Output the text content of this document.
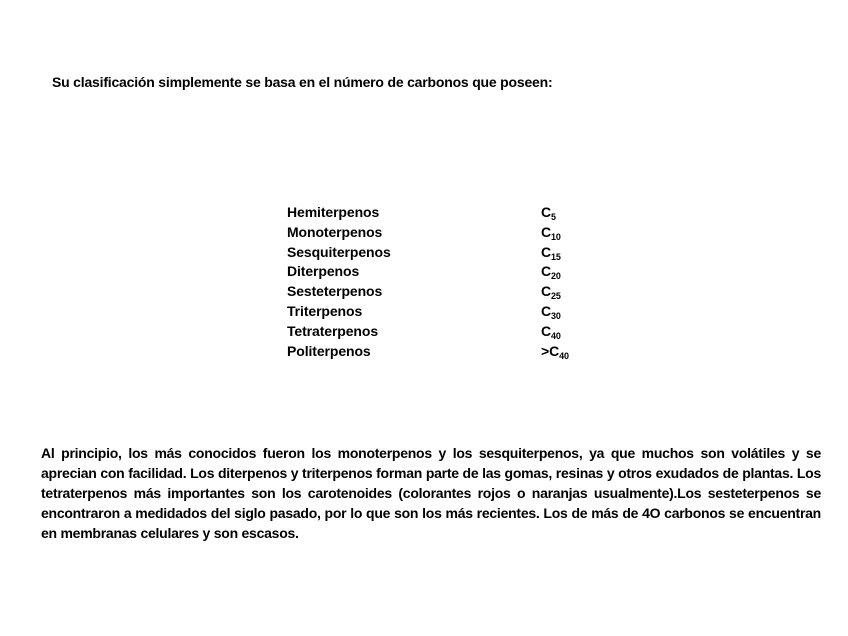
Su clasificación simplemente se basa en el número de carbonos que poseen:
Hemiterpenos	$C_5$
Monoterpenos	$C_{10}$
Sesquiterpenos	$C_{15}$
Diterpenos	$C_{20}$
Sesteterpenos	$C_{25}$
Triterpenos	$C_{30}$
Tetraterpenos	$C_{40}$
Politerpenos	$>C_{40}$
Al principio, los más conocidos fueron los monoterpenos y los sesquiterpenos, ya que muchos son volátiles y se aprecian con facilidad. Los diterpenos y triterpenos forman parte de las gomas, resinas y otros exudados de plantas. Los tetraterpenos más importantes son los carotenoides (colorantes rojos o naranjas usualmente).Los sesteterpenos se encontraron a medidados del siglo pasado, por lo que son los más recientes. Los de más de 4O carbonos se encuentran en membranas celulares y son escasos.
